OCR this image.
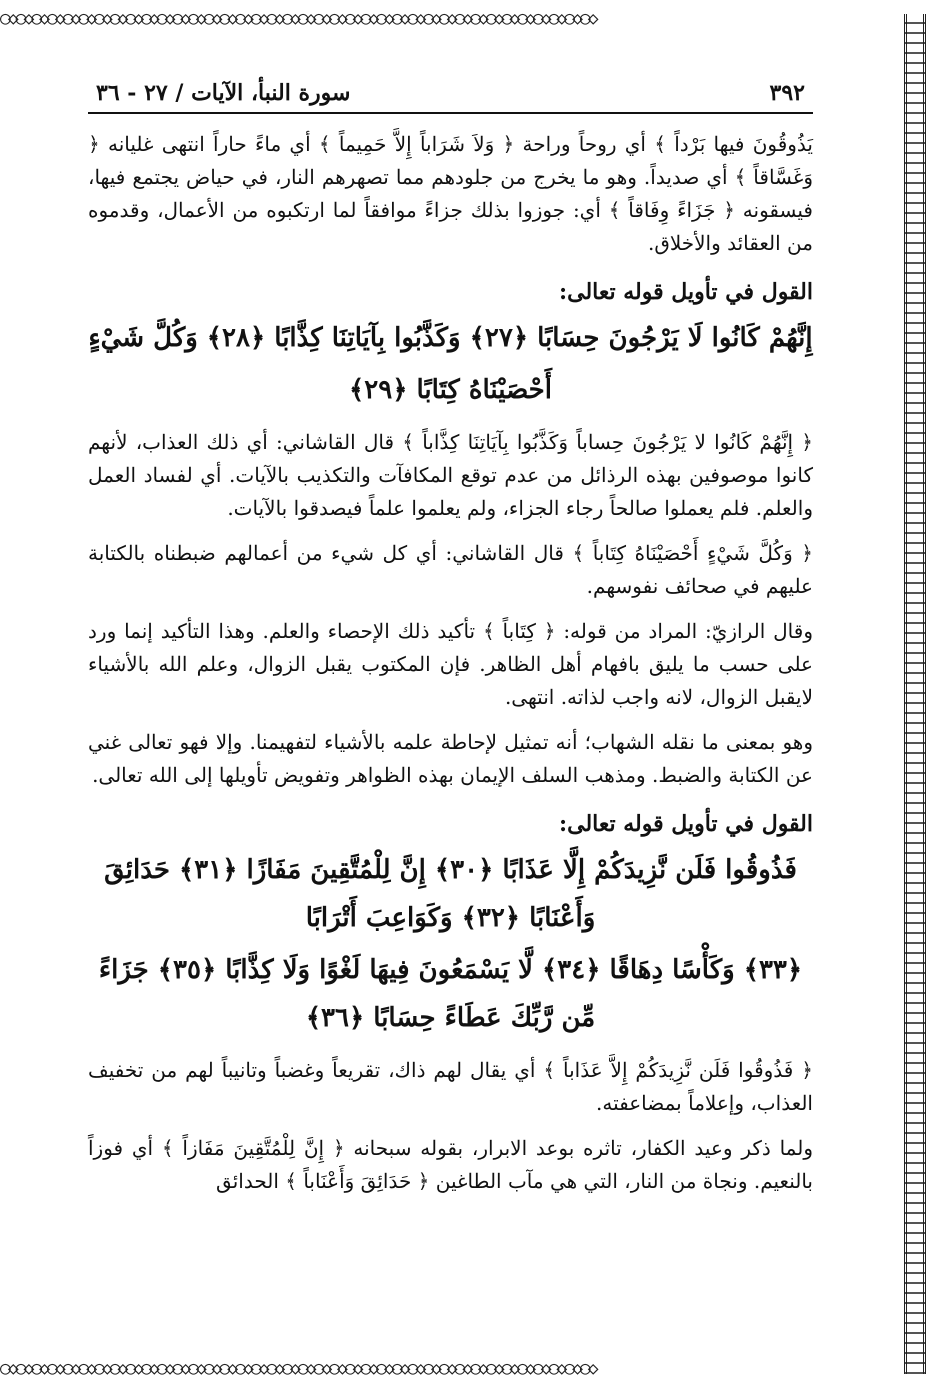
○◇○◇○◇○◇○◇○◇○◇○◇○◇○◇○◇○◇○◇○◇○◇○◇○◇○◇○◇○◇○◇○◇○◇○◇○◇○◇○◇○◇○◇○◇○◇○◇○◇○◇○◇○◇○◇○◇
٣٩٢
سورة النبأ، الآيات / ٢٧ - ٣٦

يَذُوقُونَ فيها بَرْداً ﴾ أي روحاً وراحة ﴿ وَلاَ شَرَاباً إِلاَّ حَمِيماً ﴾ أي ماءً حاراً انتهى غليانه ﴿ وَغَسَّاقاً ﴾ أي صديداً. وهو ما يخرج من جلودهم مما تصهرهم النار، في حياض يجتمع فيها، فيسقونه ﴿ جَزَاءً وِفَاقاً ﴾ أي: جوزوا بذلك جزاءً موافقاً لما ارتكبوه من الأعمال، وقدموه من العقائد والأخلاق.

القول في تأويل قوله تعالى:
إِنَّهُمْ كَانُوا لَا يَرْجُونَ حِسَابًا ﴿٢٧﴾ وَكَذَّبُوا بِآيَاتِنَا كِذَّابًا ﴿٢٨﴾ وَكُلَّ شَيْءٍ
أَحْصَيْنَاهُ كِتَابًا ﴿٢٩﴾

﴿ إِنَّهُمْ كَانُوا لا يَرْجُونَ حِساباً وَكَذَّبُوا بِآيَاتِنَا كِذَّاباً ﴾ قال القاشاني: أي ذلك العذاب، لأنهم كانوا موصوفين بهذه الرذائل من عدم توقع المكافآت والتكذيب بالآيات. أي لفساد العمل والعلم. فلم يعملوا صالحاً رجاء الجزاء، ولم يعلموا علماً فيصدقوا بالآيات.

﴿ وَكُلَّ شَيْءٍ أَحْصَيْنَاهُ كِتَاباً ﴾ قال القاشاني: أي كل شيء من أعمالهم ضبطناه بالكتابة عليهم في صحائف نفوسهم.

وقال الرازيّ: المراد من قوله: ﴿ كِتَاباً ﴾ تأكيد ذلك الإحصاء والعلم. وهذا التأكيد إنما ورد على حسب ما يليق بافهام أهل الظاهر. فإن المكتوب يقبل الزوال، وعلم الله بالأشياء لايقبل الزوال، لانه واجب لذاته. انتهى.

وهو بمعنى ما نقله الشهاب؛ أنه تمثيل لإحاطة علمه بالأشياء لتفهيمنا. وإلا فهو تعالى غني عن الكتابة والضبط. ومذهب السلف الإيمان بهذه الظواهر وتفويض تأويلها إلى الله تعالى.

القول في تأويل قوله تعالى:
فَذُوقُوا فَلَن نَّزِيدَكُمْ إِلَّا عَذَابًا ﴿٣٠﴾ إِنَّ لِلْمُتَّقِينَ مَفَازًا ﴿٣١﴾ حَدَائِقَ وَأَعْنَابًا ﴿٣٢﴾ وَكَوَاعِبَ أَتْرَابًا
﴿٣٣﴾ وَكَأْسًا دِهَاقًا ﴿٣٤﴾ لَّا يَسْمَعُونَ فِيهَا لَغْوًا وَلَا كِذَّابًا ﴿٣٥﴾ جَزَاءً مِّن رَّبِّكَ عَطَاءً حِسَابًا ﴿٣٦﴾

﴿ فَذُوقُوا فَلَن نَّزِيدَكُمْ إِلاَّ عَذَاباً ﴾ أي يقال لهم ذاك، تقريعاً وغضباً وتانيباً لهم من تخفيف العذاب، وإعلاماً بمضاعفته.

ولما ذكر وعيد الكفار، تاثره بوعد الابرار، بقوله سبحانه ﴿ إِنَّ لِلْمُتَّقِينَ مَفَازاً ﴾ أي فوزاً بالنعيم. ونجاة من النار، التي هي مآب الطاغين ﴿ حَدَائِقَ وَأَعْنَاباً ﴾ الحدائق

○◇○◇○◇○◇○◇○◇○◇○◇○◇○◇○◇○◇○◇○◇○◇○◇○◇○◇○◇○◇○◇○◇○◇○◇○◇○◇○◇○◇○◇○◇○◇○◇○◇○◇○◇○◇○◇○◇
